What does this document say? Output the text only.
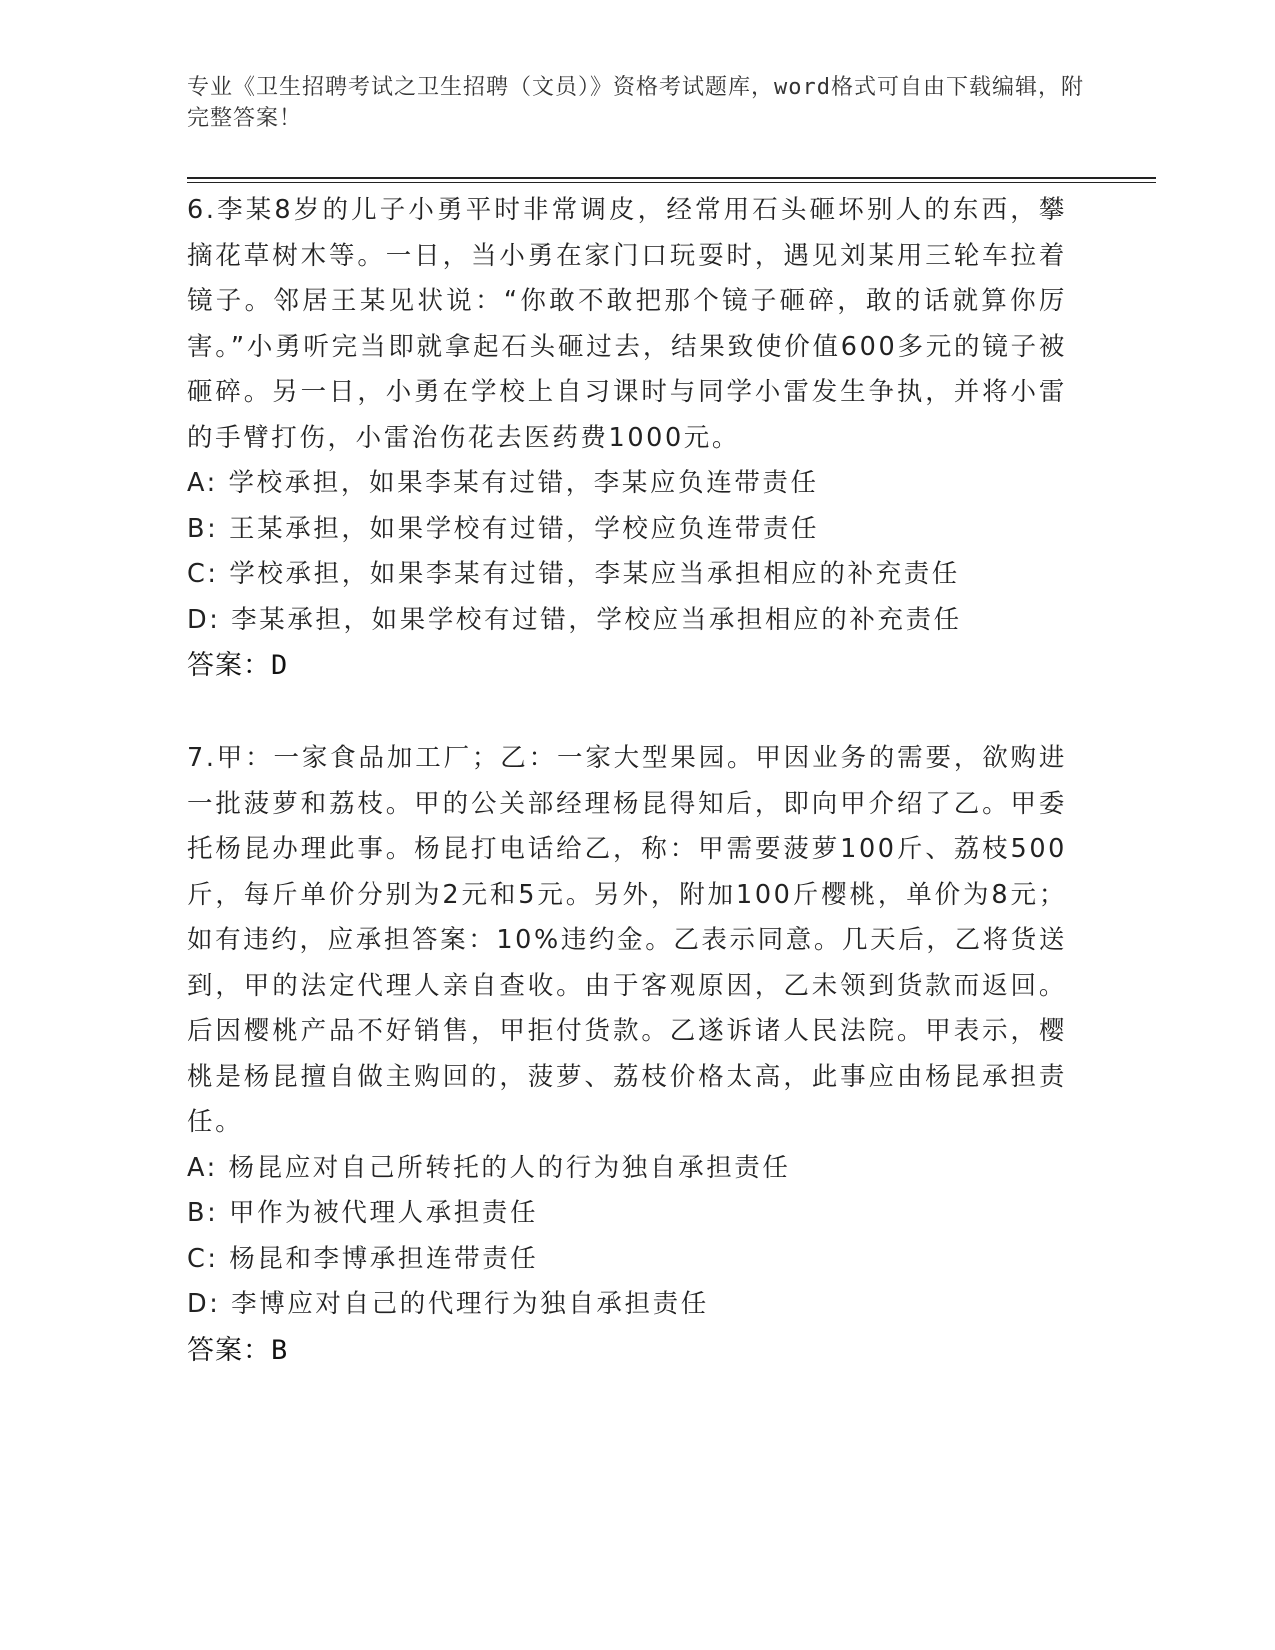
专业《卫生招聘考试之卫生招聘（文员）》资格考试题库，word格式可自由下载编辑，附完整答案！

6.李某8岁的儿子小勇平时非常调皮，经常用石头砸坏别人的东西，攀摘花草树木等。一日，当小勇在家门口玩耍时，遇见刘某用三轮车拉着镜子。邻居王某见状说：“你敢不敢把那个镜子砸碎，敢的话就算你厉害。”小勇听完当即就拿起石头砸过去，结果致使价值600多元的镜子被砸碎。另一日，小勇在学校上自习课时与同学小雷发生争执，并将小雷的手臂打伤，小雷治伤花去医药费1000元。

A: 学校承担，如果李某有过错，李某应负连带责任

B: 王某承担，如果学校有过错，学校应负连带责任

C: 学校承担，如果李某有过错，李某应当承担相应的补充责任

D: 李某承担，如果学校有过错，学校应当承担相应的补充责任

答案：D

7.甲：一家食品加工厂；乙：一家大型果园。甲因业务的需要，欲购进一批菠萝和荔枝。甲的公关部经理杨昆得知后，即向甲介绍了乙。甲委托杨昆办理此事。杨昆打电话给乙，称：甲需要菠萝100斤、荔枝500斤，每斤单价分别为2元和5元。另外，附加100斤樱桃，单价为8元；如有违约，应承担答案：10%违约金。乙表示同意。几天后，乙将货送到，甲的法定代理人亲自查收。由于客观原因，乙未领到货款而返回。后因樱桃产品不好销售，甲拒付货款。乙遂诉诸人民法院。甲表示，樱桃是杨昆擅自做主购回的，菠萝、荔枝价格太高，此事应由杨昆承担责任。

A: 杨昆应对自己所转托的人的行为独自承担责任

B: 甲作为被代理人承担责任

C: 杨昆和李博承担连带责任

D: 李博应对自己的代理行为独自承担责任

答案：B
